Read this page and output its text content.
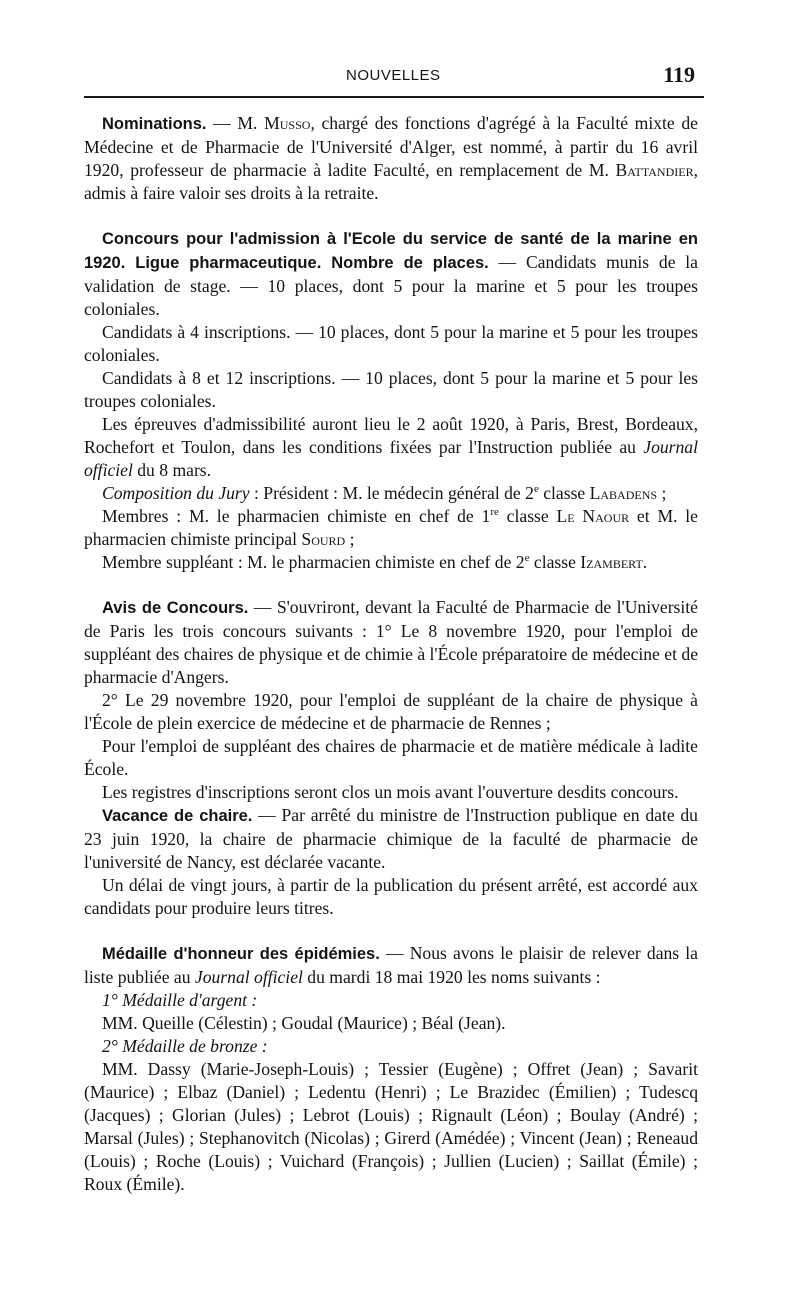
NOUVELLES	119

Nominations. — M. Musso, chargé des fonctions d'agrégé à la Faculté mixte de Médecine et de Pharmacie de l'Université d'Alger, est nommé, à partir du 16 avril 1920, professeur de pharmacie à ladite Faculté, en remplacement de M. Battandier, admis à faire valoir ses droits à la retraite.

Concours pour l'admission à l'Ecole du service de santé de la marine en 1920. Ligue pharmaceutique. Nombre de places. — Candidats munis de la validation de stage. — 10 places, dont 5 pour la marine et 5 pour les troupes coloniales.

Candidats à 4 inscriptions. — 10 places, dont 5 pour la marine et 5 pour les troupes coloniales.

Candidats à 8 et 12 inscriptions. — 10 places, dont 5 pour la marine et 5 pour les troupes coloniales.

Les épreuves d'admissibilité auront lieu le 2 août 1920, à Paris, Brest, Bordeaux, Rochefort et Toulon, dans les conditions fixées par l'Instruction publiée au Journal officiel du 8 mars.

Composition du Jury : Président : M. le médecin général de 2e classe Labadens ;

Membres : M. le pharmacien chimiste en chef de 1re classe Le Naour et M. le pharmacien chimiste principal Sourd ;

Membre suppléant : M. le pharmacien chimiste en chef de 2e classe Izambert.

Avis de Concours. — S'ouvriront, devant la Faculté de Pharmacie de l'Université de Paris les trois concours suivants : 1° Le 8 novembre 1920, pour l'emploi de suppléant des chaires de physique et de chimie à l'École préparatoire de médecine et de pharmacie d'Angers.

2° Le 29 novembre 1920, pour l'emploi de suppléant de la chaire de physique à l'École de plein exercice de médecine et de pharmacie de Rennes ;

Pour l'emploi de suppléant des chaires de pharmacie et de matière médicale à ladite École.

Les registres d'inscriptions seront clos un mois avant l'ouverture desdits concours.

Vacance de chaire. — Par arrêté du ministre de l'Instruction publique en date du 23 juin 1920, la chaire de pharmacie chimique de la faculté de pharmacie de l'université de Nancy, est déclarée vacante.

Un délai de vingt jours, à partir de la publication du présent arrêté, est accordé aux candidats pour produire leurs titres.

Médaille d'honneur des épidémies. — Nous avons le plaisir de relever dans la liste publiée au Journal officiel du mardi 18 mai 1920 les noms suivants :

1° Médaille d'argent :

MM. Queille (Célestin) ; Goudal (Maurice) ; Béal (Jean).

2° Médaille de bronze :

MM. Dassy (Marie-Joseph-Louis) ; Tessier (Eugène) ; Offret (Jean) ; Savarit (Maurice) ; Elbaz (Daniel) ; Ledentu (Henri) ; Le Brazidec (Émilien) ; Tudescq (Jacques) ; Glorian (Jules) ; Lebrot (Louis) ; Rignault (Léon) ; Boulay (André) ; Marsal (Jules) ; Stephanovitch (Nicolas) ; Girerd (Amédée) ; Vincent (Jean) ; Reneaud (Louis) ; Roche (Louis) ; Vuichard (François) ; Jullien (Lucien) ; Saillat (Émile) ; Roux (Émile).
